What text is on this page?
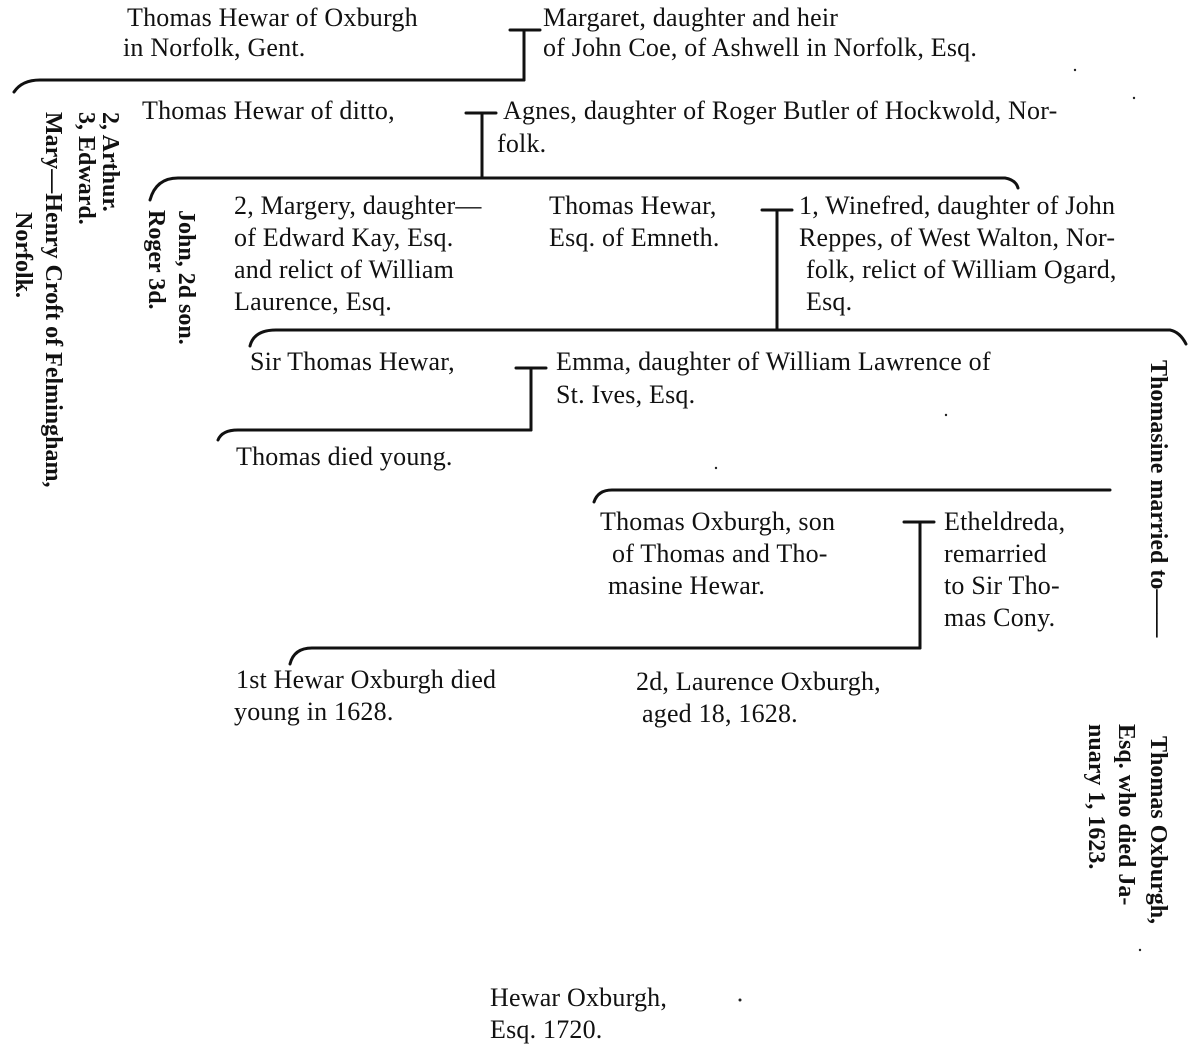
Thomas Hewar of Oxburgh
in Norfolk, Gent.
Margaret, daughter and heir
of John Coe, of Ashwell in Norfolk, Esq.
Thomas Hewar of ditto,	Agnes, daughter of Roger Butler of Hockwold, Nor-
folk.
2, Arthur.
3, Edward.
Mary—Henry Croft of Felmingham,
Norfolk.
2, Margery, daughter—
of Edward Kay, Esq.
and relict of William
Laurence, Esq.
Thomas Hewar,
Esq. of Emneth.
1, Winefred, daughter of John
Reppes, of West Walton, Nor-
folk, relict of William Ogard,
Esq.
John, 2d son.
Roger 3d.
Sir Thomas Hewar,	Emma, daughter of William Lawrence of
St. Ives, Esq.
Thomas died young.	Thomasine married to——
Thomas Oxburgh,
Esq. who died Ja-
nuary 1, 1623.
Thomas Oxburgh, son
of Thomas and Tho-
masine Hewar.
Etheldreda,
remarried
to Sir Tho-
mas Cony.
1st Hewar Oxburgh died
young in 1628.
2d, Laurence Oxburgh,
aged 18, 1628.
Hewar Oxburgh,
Esq. 1720.
